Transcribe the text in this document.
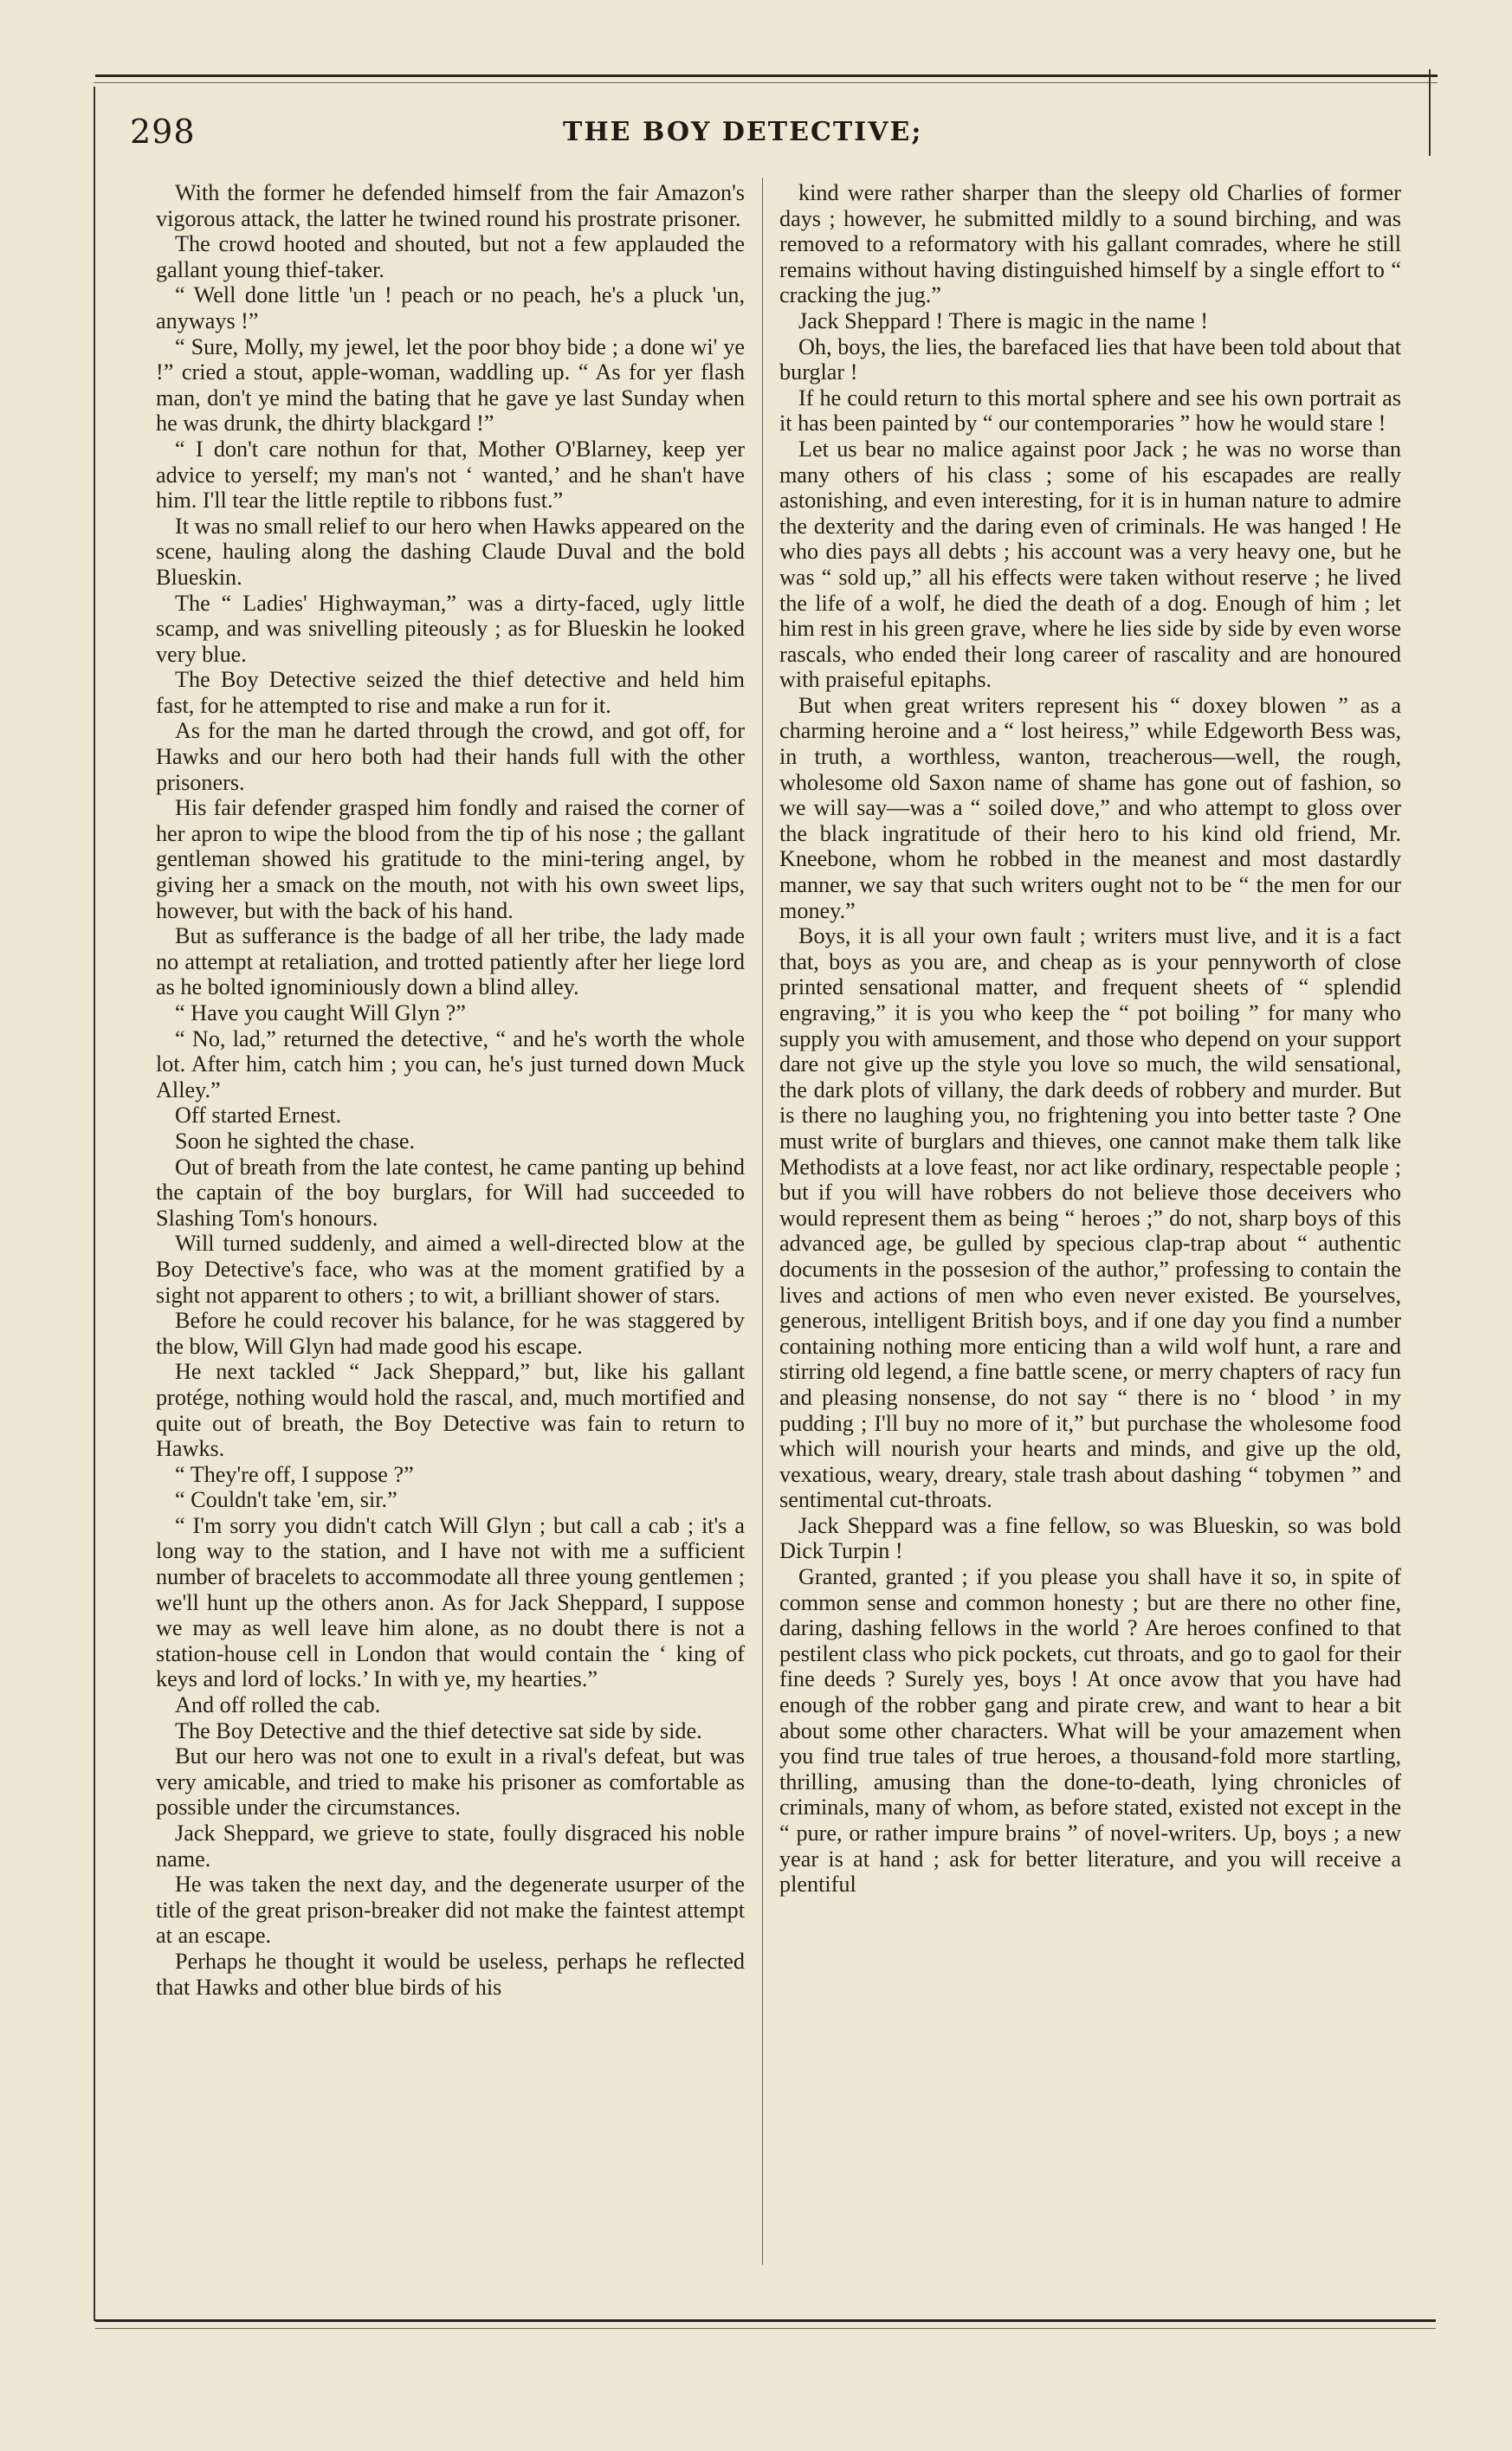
298	THE BOY DETECTIVE;

With the former he defended himself from the fair Amazon's vigorous attack, the latter he twined round his prostrate prisoner.

The crowd hooted and shouted, but not a few applauded the gallant young thief-taker.

“ Well done little 'un ! peach or no peach, he's a pluck 'un, anyways !”

“ Sure, Molly, my jewel, let the poor bhoy bide ; a done wi' ye !” cried a stout, apple-woman, waddling up. “ As for yer flash man, don't ye mind the bating that he gave ye last Sunday when he was drunk, the dhirty blackgard !”

“ I don't care nothun for that, Mother O'Blarney, keep yer advice to yerself; my man's not ‘ wanted,’ and he shan't have him. I'll tear the little reptile to ribbons fust.”

It was no small relief to our hero when Hawks appeared on the scene, hauling along the dashing Claude Duval and the bold Blueskin.

The “ Ladies' Highwayman,” was a dirty-faced, ugly little scamp, and was snivelling piteously ; as for Blueskin he looked very blue.

The Boy Detective seized the thief detective and held him fast, for he attempted to rise and make a run for it.

As for the man he darted through the crowd, and got off, for Hawks and our hero both had their hands full with the other prisoners.

His fair defender grasped him fondly and raised the corner of her apron to wipe the blood from the tip of his nose ; the gallant gentleman showed his gratitude to the mini-tering angel, by giving her a smack on the mouth, not with his own sweet lips, however, but with the back of his hand.

But as sufferance is the badge of all her tribe, the lady made no attempt at retaliation, and trotted patiently after her liege lord as he bolted ignominiously down a blind alley.

“ Have you caught Will Glyn ?”

“ No, lad,” returned the detective, “ and he's worth the whole lot. After him, catch him ; you can, he's just turned down Muck Alley.”

Off started Ernest.

Soon he sighted the chase.

Out of breath from the late contest, he came panting up behind the captain of the boy burglars, for Will had succeeded to Slashing Tom's honours.

Will turned suddenly, and aimed a well-directed blow at the Boy Detective's face, who was at the moment gratified by a sight not apparent to others ; to wit, a brilliant shower of stars.

Before he could recover his balance, for he was staggered by the blow, Will Glyn had made good his escape.

He next tackled “ Jack Sheppard,” but, like his gallant protége, nothing would hold the rascal, and, much mortified and quite out of breath, the Boy Detective was fain to return to Hawks.

“ They're off, I suppose ?”

“ Couldn't take 'em, sir.”

“ I'm sorry you didn't catch Will Glyn ; but call a cab ; it's a long way to the station, and I have not with me a sufficient number of bracelets to accommodate all three young gentlemen ; we'll hunt up the others anon. As for Jack Sheppard, I suppose we may as well leave him alone, as no doubt there is not a station-house cell in London that would contain the ‘ king of keys and lord of locks.’ In with ye, my hearties.”

And off rolled the cab.

The Boy Detective and the thief detective sat side by side.

But our hero was not one to exult in a rival's defeat, but was very amicable, and tried to make his prisoner as comfortable as possible under the circumstances.

Jack Sheppard, we grieve to state, foully disgraced his noble name.

He was taken the next day, and the degenerate usurper of the title of the great prison-breaker did not make the faintest attempt at an escape.

Perhaps he thought it would be useless, perhaps he reflected that Hawks and other blue birds of his

kind were rather sharper than the sleepy old Charlies of former days ; however, he submitted mildly to a sound birching, and was removed to a reformatory with his gallant comrades, where he still remains without having distinguished himself by a single effort to “ cracking the jug.”

Jack Sheppard ! There is magic in the name !

Oh, boys, the lies, the barefaced lies that have been told about that burglar !

If he could return to this mortal sphere and see his own portrait as it has been painted by “ our contemporaries ” how he would stare !

Let us bear no malice against poor Jack ; he was no worse than many others of his class ; some of his escapades are really astonishing, and even interesting, for it is in human nature to admire the dexterity and the daring even of criminals. He was hanged ! He who dies pays all debts ; his account was a very heavy one, but he was “ sold up,” all his effects were taken without reserve ; he lived the life of a wolf, he died the death of a dog. Enough of him ; let him rest in his green grave, where he lies side by side by even worse rascals, who ended their long career of rascality and are honoured with praiseful epitaphs.

But when great writers represent his “ doxey blowen ” as a charming heroine and a “ lost heiress,” while Edgeworth Bess was, in truth, a worthless, wanton, treacherous—well, the rough, wholesome old Saxon name of shame has gone out of fashion, so we will say—was a “ soiled dove,” and who attempt to gloss over the black ingratitude of their hero to his kind old friend, Mr. Kneebone, whom he robbed in the meanest and most dastardly manner, we say that such writers ought not to be “ the men for our money.”

Boys, it is all your own fault ; writers must live, and it is a fact that, boys as you are, and cheap as is your pennyworth of close printed sensational matter, and frequent sheets of “ splendid engraving,” it is you who keep the “ pot boiling ” for many who supply you with amusement, and those who depend on your support dare not give up the style you love so much, the wild sensational, the dark plots of villany, the dark deeds of robbery and murder. But is there no laughing you, no frightening you into better taste ? One must write of burglars and thieves, one cannot make them talk like Methodists at a love feast, nor act like ordinary, respectable people ; but if you will have robbers do not believe those deceivers who would represent them as being “ heroes ;” do not, sharp boys of this advanced age, be gulled by specious clap-trap about “ authentic documents in the possesion of the author,” professing to contain the lives and actions of men who even never existed. Be yourselves, generous, intelligent British boys, and if one day you find a number containing nothing more enticing than a wild wolf hunt, a rare and stirring old legend, a fine battle scene, or merry chapters of racy fun and pleasing nonsense, do not say “ there is no ‘ blood ’ in my pudding ; I'll buy no more of it,” but purchase the wholesome food which will nourish your hearts and minds, and give up the old, vexatious, weary, dreary, stale trash about dashing “ tobymen ” and sentimental cut-throats.

Jack Sheppard was a fine fellow, so was Blueskin, so was bold Dick Turpin !

Granted, granted ; if you please you shall have it so, in spite of common sense and common honesty ; but are there no other fine, daring, dashing fellows in the world ? Are heroes confined to that pestilent class who pick pockets, cut throats, and go to gaol for their fine deeds ? Surely yes, boys ! At once avow that you have had enough of the robber gang and pirate crew, and want to hear a bit about some other characters. What will be your amazement when you find true tales of true heroes, a thousand-fold more startling, thrilling, amusing than the done-to-death, lying chronicles of criminals, many of whom, as before stated, existed not except in the “ pure, or rather impure brains ” of novel-writers. Up, boys ; a new year is at hand ; ask for better literature, and you will receive a plentiful
